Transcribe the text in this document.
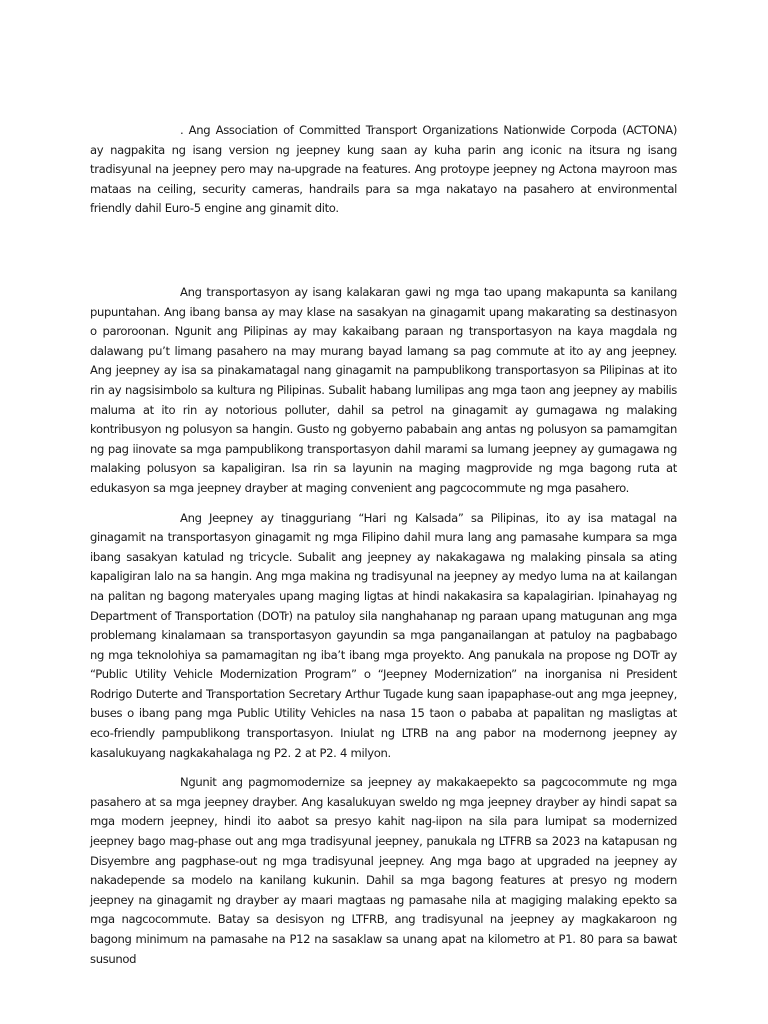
. Ang Association of Committed Transport Organizations Nationwide Corpoda (ACTONA) ay nagpakita ng isang version ng jeepney kung saan ay kuha parin ang iconic na itsura ng isang tradisyunal na jeepney pero may na-upgrade na features. Ang protoype jeepney ng Actona mayroon mas mataas na ceiling, security cameras, handrails para sa mga nakatayo na pasahero at environmental friendly dahil Euro-5 engine ang ginamit dito.

Ang transportasyon ay isang kalakaran gawi ng mga tao upang makapunta sa kanilang pupuntahan. Ang ibang bansa ay may klase na sasakyan na ginagamit upang makarating sa destinasyon o paroroonan. Ngunit ang Pilipinas ay may kakaibang paraan ng transportasyon na kaya magdala ng dalawang pu’t limang pasahero na may murang bayad lamang sa pag commute at ito ay ang jeepney. Ang jeepney ay isa sa pinakamatagal nang ginagamit na pampublikong transportasyon sa Pilipinas at ito rin ay nagsisimbolo sa kultura ng Pilipinas. Subalit habang lumilipas ang mga taon ang jeepney ay mabilis maluma at ito rin ay notorious polluter, dahil sa petrol na ginagamit ay gumagawa ng malaking kontribusyon ng polusyon sa hangin. Gusto ng gobyerno pababain ang antas ng polusyon sa pamamgitan ng pag iinovate sa mga pampublikong transportasyon dahil marami sa lumang jeepney ay gumagawa ng malaking polusyon sa kapaligiran. Isa rin sa layunin na maging magprovide ng mga bagong ruta at edukasyon sa mga jeepney drayber at maging convenient ang pagcocommute ng mga pasahero.

Ang Jeepney ay tinagguriang “Hari ng Kalsada” sa Pilipinas, ito ay isa matagal na ginagamit na transportasyon ginagamit ng mga Filipino dahil mura lang ang pamasahe kumpara sa mga ibang sasakyan katulad ng tricycle. Subalit ang jeepney ay nakakagawa ng malaking pinsala sa ating kapaligiran lalo na sa hangin. Ang mga makina ng tradisyunal na jeepney ay medyo luma na at kailangan na palitan ng bagong materyales upang maging ligtas at hindi nakakasira sa kapalagirian. Ipinahayag ng Department of Transportation (DOTr) na patuloy sila nanghahanap ng paraan upang matugunan ang mga problemang kinalamaan sa transportasyon gayundin sa mga panganailangan at patuloy na pagbabago ng mga teknolohiya sa pamamagitan ng iba’t ibang mga proyekto. Ang panukala na propose ng DOTr ay “Public Utility Vehicle Modernization Program” o “Jeepney Modernization” na inorganisa ni President Rodrigo Duterte and Transportation Secretary Arthur Tugade kung saan ipapaphase-out ang mga jeepney, buses o ibang pang mga Public Utility Vehicles na nasa 15 taon o pababa at papalitan ng masligtas at eco-friendly pampublikong transportasyon. Iniulat ng LTRB na ang pabor na modernong jeepney ay kasalukuyang nagkakahalaga ng P2. 2 at P2. 4 milyon.

Ngunit ang pagmomodernize sa jeepney ay makakaepekto sa pagcocommute ng mga pasahero at sa mga jeepney drayber. Ang kasalukuyan sweldo ng mga jeepney drayber ay hindi sapat sa mga modern jeepney, hindi ito aabot sa presyo kahit nag-iipon na sila para lumipat sa modernized jeepney bago mag-phase out ang mga tradisyunal jeepney, panukala ng LTFRB sa 2023 na katapusan ng Disyembre ang pagphase-out ng mga tradisyunal jeepney. Ang mga bago at upgraded na jeepney ay nakadepende sa modelo na kanilang kukunin. Dahil sa mga bagong features at presyo ng modern jeepney na ginagamit ng drayber ay maari magtaas ng pamasahe nila at magiging malaking epekto sa mga nagcocommute. Batay sa desisyon ng LTFRB, ang tradisyunal na jeepney ay magkakaroon ng bagong minimum na pamasahe na P12 na sasaklaw sa unang apat na kilometro at P1. 80 para sa bawat susunod
